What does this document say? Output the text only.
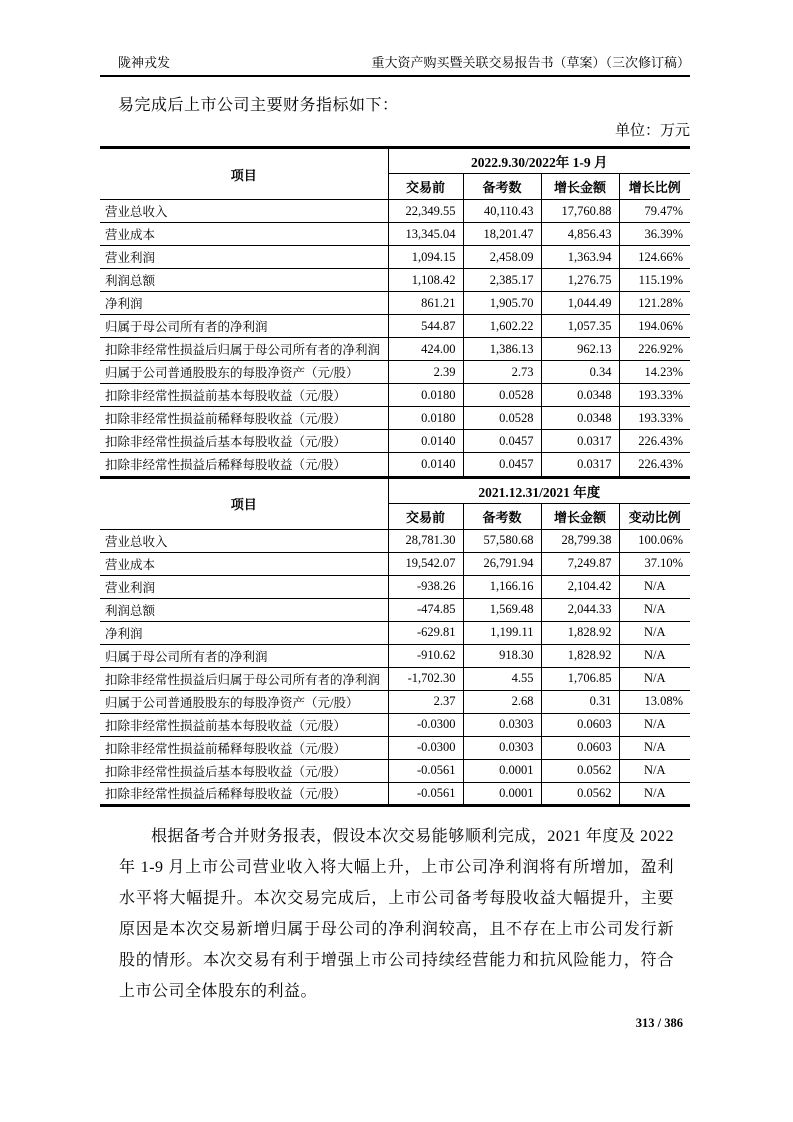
陇神戎发	重大资产购买暨关联交易报告书（草案）（三次修订稿）
易完成后上市公司主要财务指标如下：
单位：万元
项目	2022.9.30/2022年 1-9 月			
	交易前	备考数	增长金额	增长比例
营业总收入	22,349.55	40,110.43	17,760.88	79.47%
营业成本	13,345.04	18,201.47	4,856.43	36.39%
营业利润	1,094.15	2,458.09	1,363.94	124.66%
利润总额	1,108.42	2,385.17	1,276.75	115.19%
净利润	861.21	1,905.70	1,044.49	121.28%
归属于母公司所有者的净利润	544.87	1,602.22	1,057.35	194.06%
扣除非经常性损益后归属于母公司所有者的净利润	424.00	1,386.13	962.13	226.92%
归属于公司普通股股东的每股净资产（元/股）	2.39	2.73	0.34	14.23%
扣除非经常性损益前基本每股收益（元/股）	0.0180	0.0528	0.0348	193.33%
扣除非经常性损益前稀释每股收益（元/股）	0.0180	0.0528	0.0348	193.33%
扣除非经常性损益后基本每股收益（元/股）	0.0140	0.0457	0.0317	226.43%
扣除非经常性损益后稀释每股收益（元/股）	0.0140	0.0457	0.0317	226.43%
项目	2021.12.31/2021 年度			
	交易前	备考数	增长金额	变动比例
营业总收入	28,781.30	57,580.68	28,799.38	100.06%
营业成本	19,542.07	26,791.94	7,249.87	37.10%
营业利润	-938.26	1,166.16	2,104.42	N/A
利润总额	-474.85	1,569.48	2,044.33	N/A
净利润	-629.81	1,199.11	1,828.92	N/A
归属于母公司所有者的净利润	-910.62	918.30	1,828.92	N/A
扣除非经常性损益后归属于母公司所有者的净利润	-1,702.30	4.55	1,706.85	N/A
归属于公司普通股股东的每股净资产（元/股）	2.37	2.68	0.31	13.08%
扣除非经常性损益前基本每股收益（元/股）	-0.0300	0.0303	0.0603	N/A
扣除非经常性损益前稀释每股收益（元/股）	-0.0300	0.0303	0.0603	N/A
扣除非经常性损益后基本每股收益（元/股）	-0.0561	0.0001	0.0562	N/A
扣除非经常性损益后稀释每股收益（元/股）	-0.0561	0.0001	0.0562	N/A

根据备考合并财务报表，假设本次交易能够顺利完成，2021 年度及 2022 年 1-9 月上市公司营业收入将大幅上升，上市公司净利润将有所增加，盈利水平将大幅提升。本次交易完成后，上市公司备考每股收益大幅提升，主要原因是本次交易新增归属于母公司的净利润较高，且不存在上市公司发行新股的情形。本次交易有利于增强上市公司持续经营能力和抗风险能力，符合上市公司全体股东的利益。

313 / 386
